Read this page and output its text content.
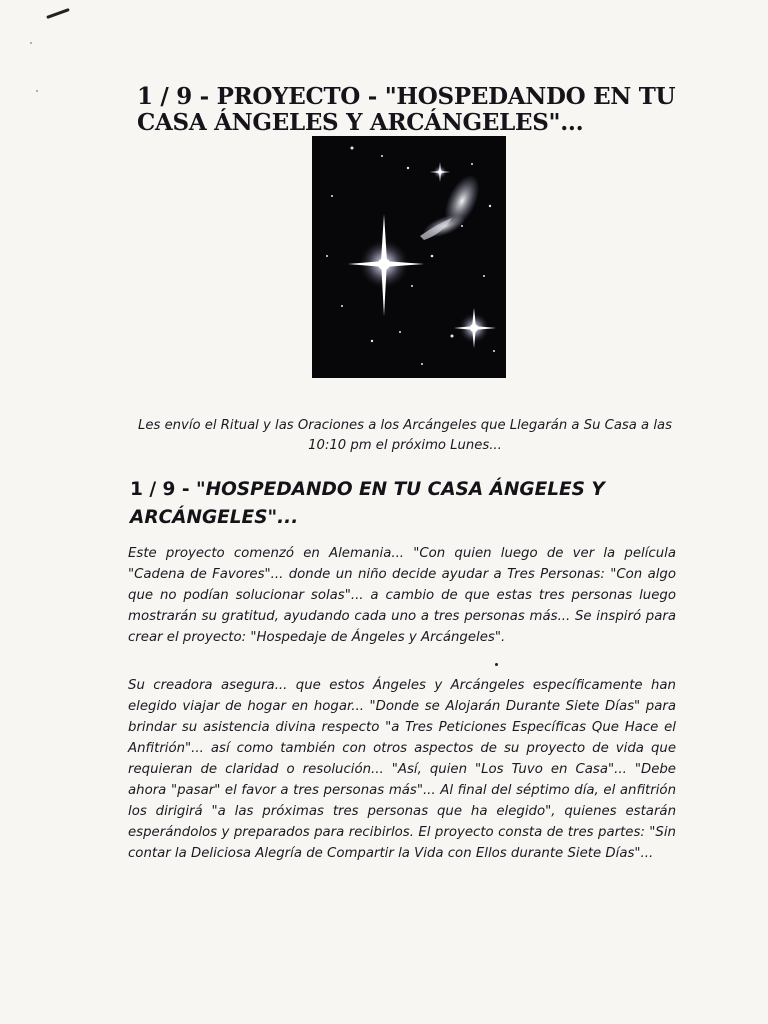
1 / 9 - PROYECTO - "HOSPEDANDO EN TU CASA ÁNGELES Y ARCÁNGELES"...

Les envío el Ritual y las Oraciones a los Arcángeles que Llegarán a Su Casa a las 10:10 pm el próximo Lunes...

1 / 9 - "HOSPEDANDO EN TU CASA ÁNGELES Y ARCÁNGELES"...

Este proyecto comenzó en Alemania... "Con quien luego de ver la película "Cadena de Favores"... donde un niño decide ayudar a Tres Personas: "Con algo que no podían solucionar solas"... a cambio de que estas tres personas luego mostrarán su gratitud, ayudando cada uno a tres personas más... Se inspiró para crear el proyecto: "Hospedaje de Ángeles y Arcángeles".

Su creadora asegura... que estos Ángeles y Arcángeles específicamente han elegido viajar de hogar en hogar... "Donde se Alojarán Durante Siete Días" para brindar su asistencia divina respecto "a Tres Peticiones Específicas Que Hace el Anfitrión"... así como también con otros aspectos de su proyecto de vida que requieran de claridad o resolución... "Así, quien "Los Tuvo en Casa"... "Debe ahora "pasar" el favor a tres personas más"... Al final del séptimo día, el anfitrión los dirigirá "a las próximas tres personas que ha elegido", quienes estarán esperándolos y preparados para recibirlos. El proyecto consta de tres partes: "Sin contar la Deliciosa Alegría de Compartir la Vida con Ellos durante Siete Días"...
